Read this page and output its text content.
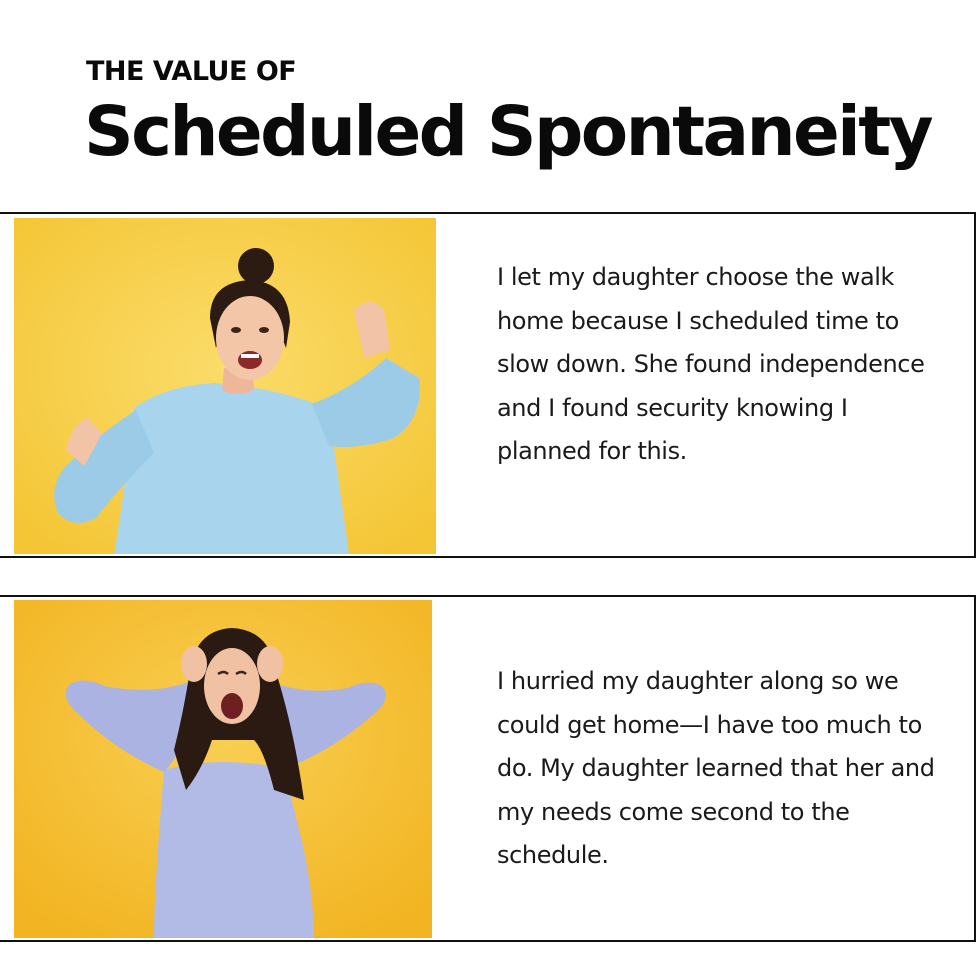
THE VALUE OF
Scheduled Spontaneity

I let my daughter choose the walk home because I scheduled time to slow down. She found independence and I found security knowing I planned for this.

I hurried my daughter along so we could get home—I have too much to do. My daughter learned that her and my needs come second to the schedule.
